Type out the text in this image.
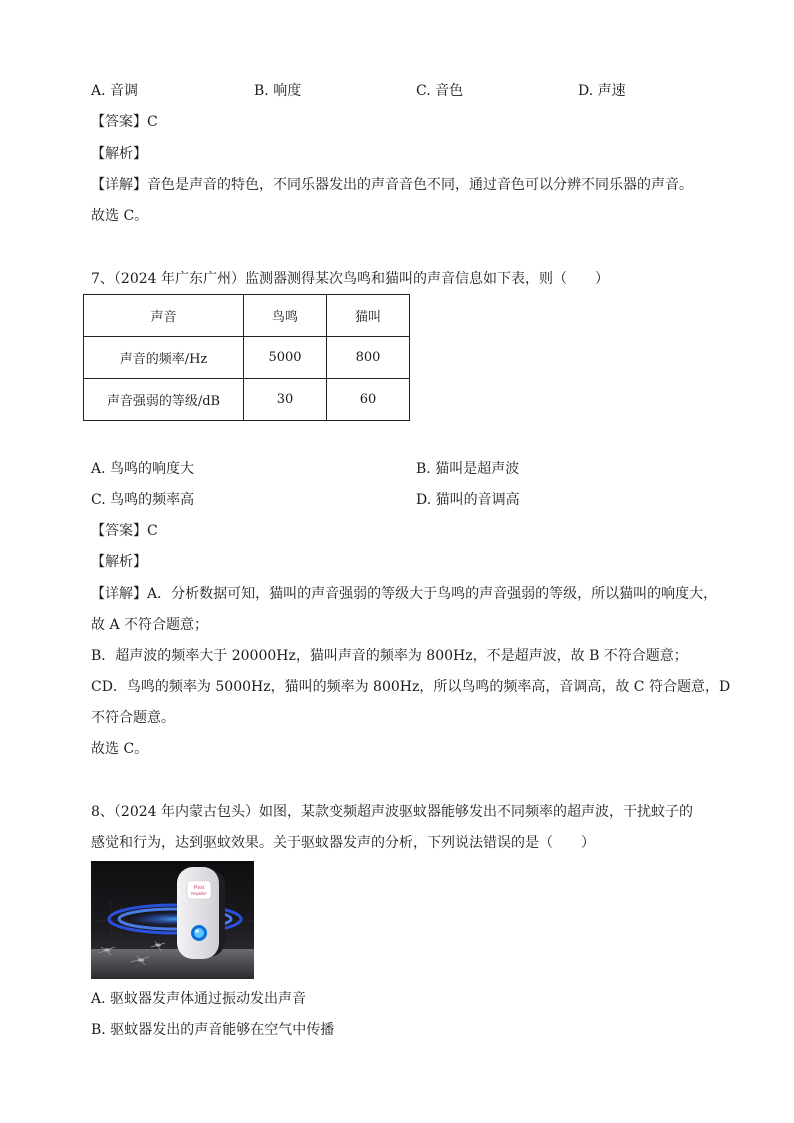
A. 音调	B. 响度	C. 音色	D. 声速
【答案】C
【解析】
【详解】音色是声音的特色，不同乐器发出的声音音色不同，通过音色可以分辨不同乐器的声音。
故选 C。
7、（2024 年广东广州）监测器测得某次鸟鸣和猫叫的声音信息如下表，则（　　）
声音	鸟鸣	猫叫
声音的频率/Hz	5000	800
声音强弱的等级/dB	30	60
A. 鸟鸣的响度大	B. 猫叫是超声波
C. 鸟鸣的频率高	D. 猫叫的音调高
【答案】C
【解析】
【详解】A．分析数据可知，猫叫的声音强弱的等级大于鸟鸣的声音强弱的等级，所以猫叫的响度大，
故 A 不符合题意；
B．超声波的频率大于 20000Hz，猫叫声音的频率为 800Hz，不是超声波，故 B 不符合题意；
CD．鸟鸣的频率为 5000Hz，猫叫的频率为 800Hz，所以鸟鸣的频率高，音调高，故 C 符合题意，D
不符合题意。
故选 C。
8、（2024 年内蒙古包头）如图，某款变频超声波驱蚊器能够发出不同频率的超声波，干扰蚊子的
感觉和行为，达到驱蚊效果。关于驱蚊器发声的分析，下列说法错误的是（　　）
Pest
Repeller
A. 驱蚊器发声体通过振动发出声音
B. 驱蚊器发出的声音能够在空气中传播
